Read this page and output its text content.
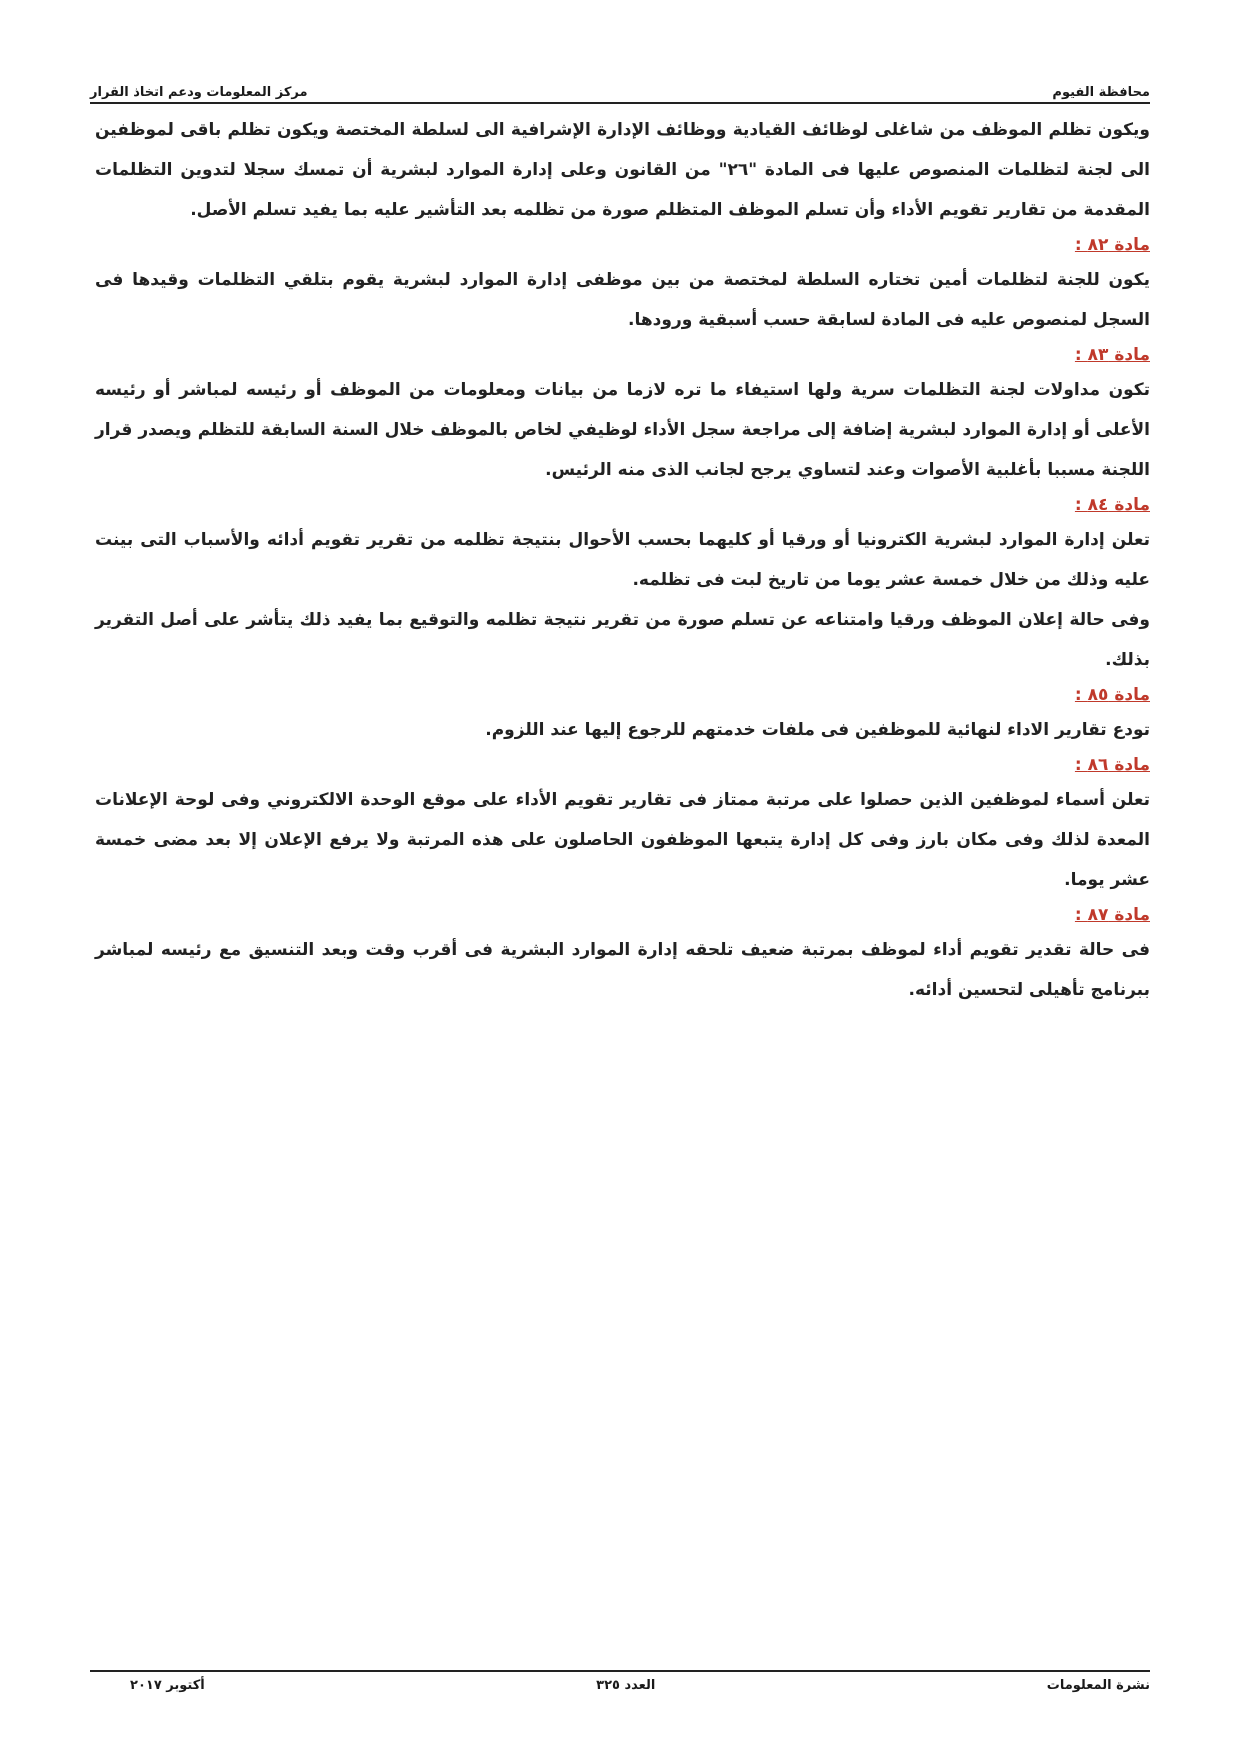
محافظة الفيوم
مركز المعلومات ودعم اتخاذ القرار

ويكون تظلم الموظف من شاغلى لوظائف القيادية ووظائف الإدارة الإشرافية الى لسلطة المختصة ويكون تظلم باقى لموظفين الى لجنة لتظلمات المنصوص عليها فى المادة "٢٦" من القانون وعلى إدارة الموارد لبشرية أن تمسك سجلا لتدوين التظلمات المقدمة من تقارير تقويم الأداء وأن تسلم الموظف المتظلم صورة من تظلمه بعد التأشير عليه بما يفيد تسلم الأصل.

مادة ٨٢ :

يكون للجنة لتظلمات أمين تختاره السلطة لمختصة من بين موظفى إدارة الموارد لبشرية يقوم بتلقي التظلمات وقيدها فى السجل لمنصوص عليه فى المادة لسابقة حسب أسبقية ورودها.

مادة ٨٣ :

تكون مداولات لجنة التظلمات سرية ولها استيفاء ما تره لازما من بيانات ومعلومات من الموظف أو رئيسه لمباشر أو رئيسه الأعلى أو إدارة الموارد لبشرية إضافة إلى مراجعة سجل الأداء لوظيفي لخاص بالموظف خلال السنة السابقة للتظلم ويصدر قرار اللجنة مسببا بأغلبية الأصوات وعند لتساوي يرجح لجانب الذى منه الرئيس.

مادة ٨٤ :

تعلن إدارة الموارد لبشرية الكترونيا أو ورقيا أو كليهما بحسب الأحوال بنتيجة تظلمه من تقرير تقويم أدائه والأسباب التى بينت عليه وذلك من خلال خمسة عشر يوما من تاريخ لبت فى تظلمه.

وفى حالة إعلان الموظف ورقيا وامتناعه عن تسلم صورة من تقرير نتيجة تظلمه والتوقيع بما يفيد ذلك يتأشر على أصل التقرير بذلك.

مادة ٨٥ :

تودع تقارير الاداء لنهائية للموظفين فى ملفات خدمتهم للرجوع إليها عند اللزوم.

مادة ٨٦ :

تعلن أسماء لموظفين الذين حصلوا على مرتبة ممتاز فى تقارير تقويم الأداء على موقع الوحدة الالكتروني وفى لوحة الإعلانات المعدة لذلك وفى مكان بارز وفى كل إدارة يتبعها الموظفون الحاصلون على هذه المرتبة ولا يرفع الإعلان إلا بعد مضى خمسة عشر يوما.

مادة ٨٧ :

فى حالة تقدير تقويم أداء لموظف بمرتبة ضعيف تلحقه إدارة الموارد البشرية فى أقرب وقت وبعد التنسيق مع رئيسه لمباشر ببرنامج تأهيلى لتحسين أدائه.

نشرة المعلومات
العدد ٣٢٥
أكتوبر ٢٠١٧
